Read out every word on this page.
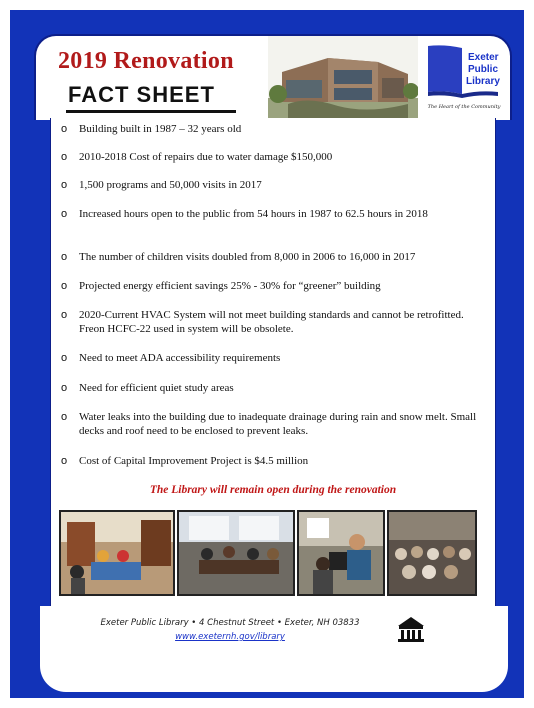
2019 Renovation
FACT SHEET
Exeter
Public
Library
The Heart of the Community
o Building built in 1987 – 32 years old
o 2010-2018 Cost of repairs due to water damage $150,000
o 1,500 programs and 50,000 visits in 2017
o Increased hours open to the public from 54 hours in 1987 to 62.5 hours in 2018
o The number of children visits doubled from 8,000 in 2006 to 16,000 in 2017
o Projected energy efficient savings 25% - 30% for “greener” building
o 2020-Current HVAC System will not meet building standards and cannot be retrofitted. Freon HCFC-22 used in system will be obsolete.
o Need to meet ADA accessibility requirements
o Need for efficient quiet study areas
o Water leaks into the building due to inadequate drainage during rain and snow melt. Small decks and roof need to be enclosed to prevent leaks.
o Cost of Capital Improvement Project is $4.5 million
The Library will remain open during the renovation
Exeter Public Library • 4 Chestnut Street • Exeter, NH 03833
www.exeternh.gov/library
